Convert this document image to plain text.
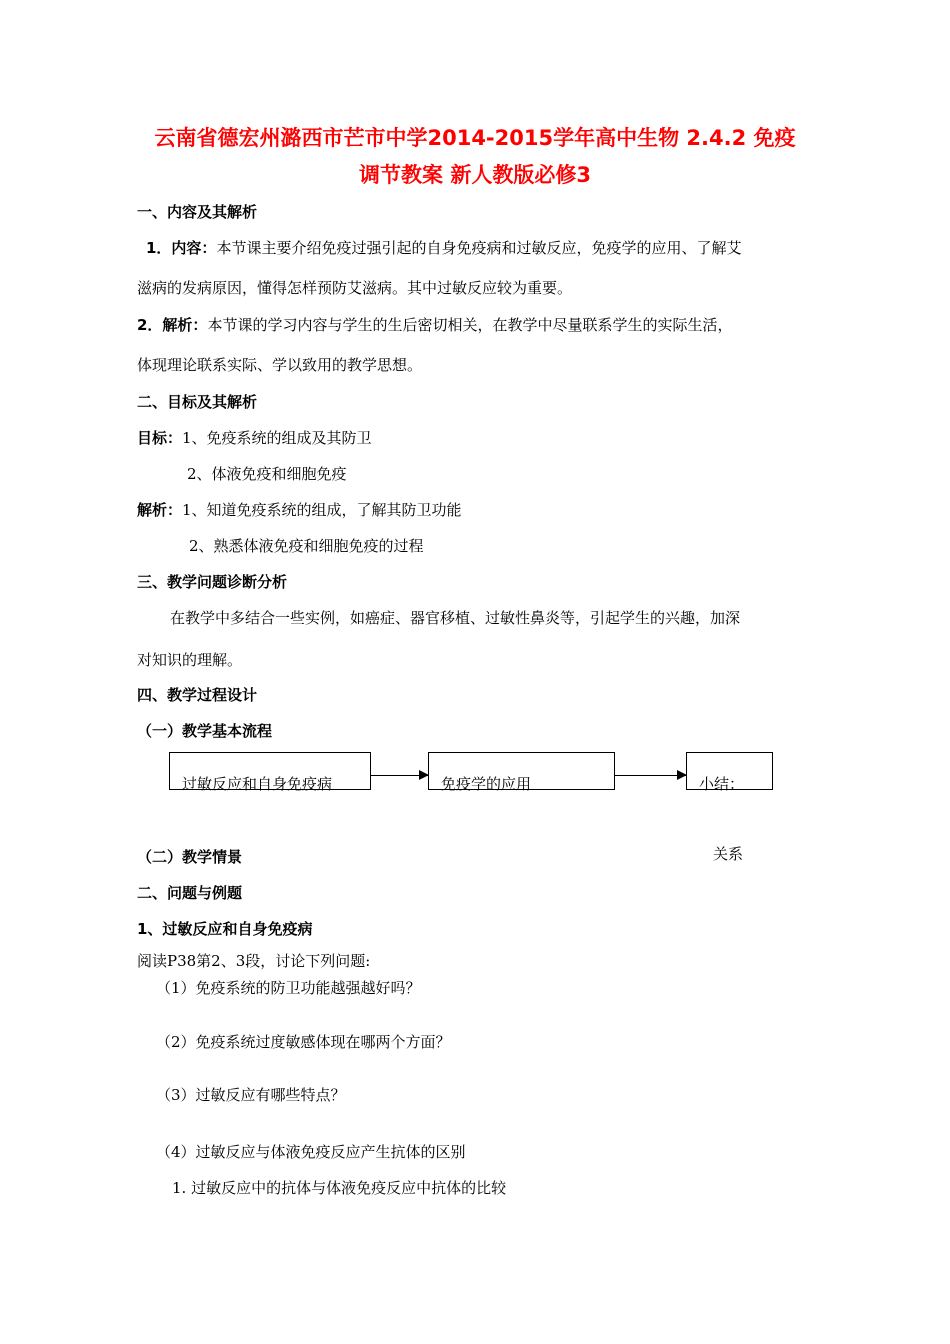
云南省德宏州潞西市芒市中学2014-2015学年高中生物 2.4.2 免疫
调节教案 新人教版必修3
一、内容及其解析
1．内容：本节课主要介绍免疫过强引起的自身免疫病和过敏反应，免疫学的应用、了解艾
滋病的发病原因，懂得怎样预防艾滋病。其中过敏反应较为重要。
2．解析：本节课的学习内容与学生的生后密切相关，在教学中尽量联系学生的实际生活，
体现理论联系实际、学以致用的教学思想。
二、目标及其解析
目标：1、免疫系统的组成及其防卫
2、体液免疫和细胞免疫
解析：1、知道免疫系统的组成，了解其防卫功能
2、熟悉体液免疫和细胞免疫的过程
三、教学问题诊断分析
在教学中多结合一些实例，如癌症、器官移植、过敏性鼻炎等，引起学生的兴趣，加深
对知识的理解。
四、教学过程设计
（一）教学基本流程
过敏反应和自身免疫病	免疫学的应用	小结：
关系
（二）教学情景
二、问题与例题
1、过敏反应和自身免疫病
阅读P38第2、3段，讨论下列问题:
（1）免疫系统的防卫功能越强越好吗？
（2）免疫系统过度敏感体现在哪两个方面？
（3）过敏反应有哪些特点？
（4）过敏反应与体液免疫反应产生抗体的区别
1. 过敏反应中的抗体与体液免疫反应中抗体的比较
